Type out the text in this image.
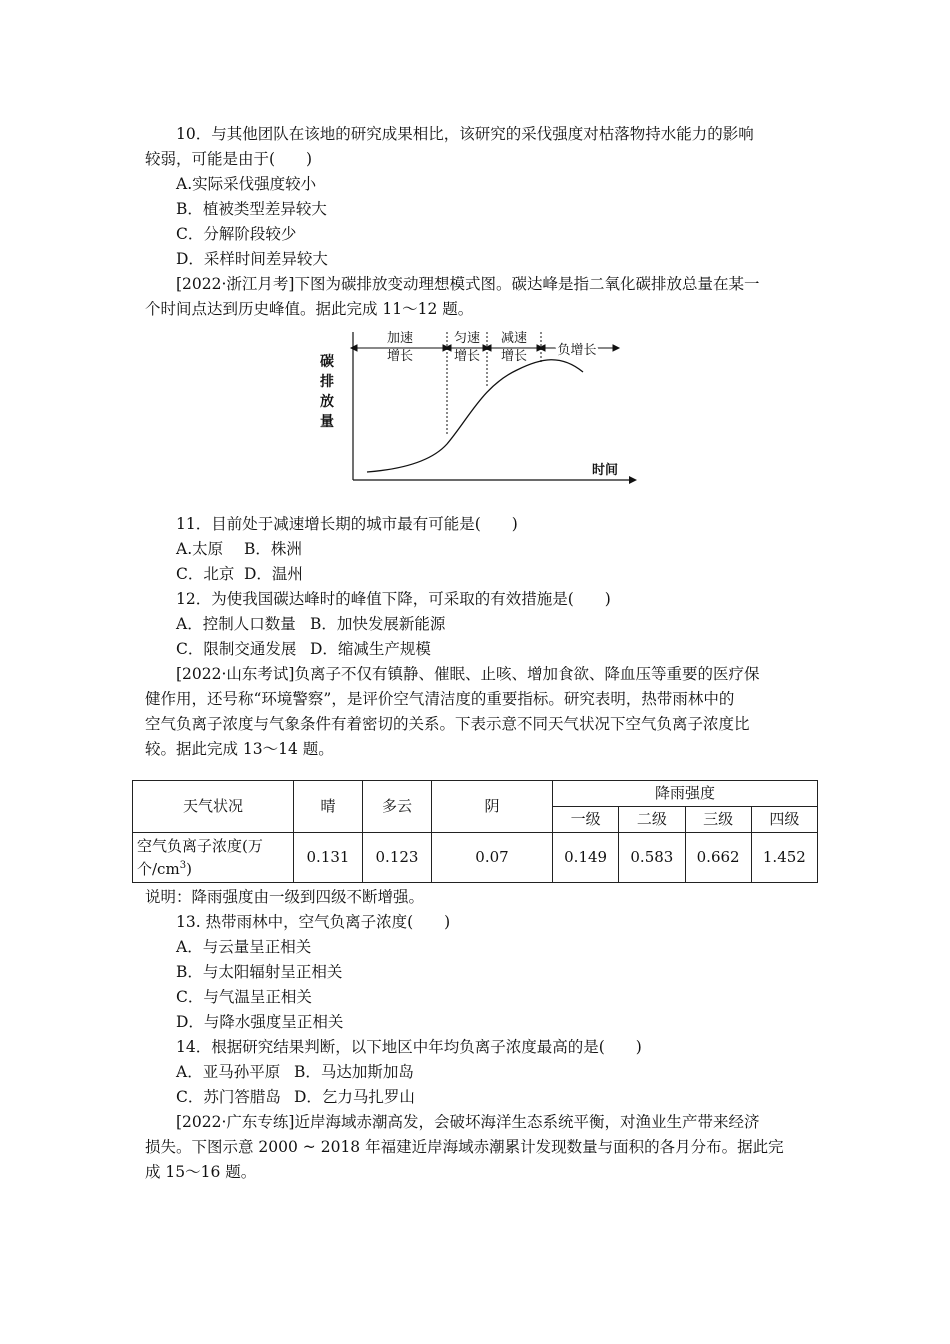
10．与其他团队在该地的研究成果相比，该研究的采伐强度对枯落物持水能力的影响

较弱，可能是由于(　　)

A.实际采伐强度较小

B．植被类型差异较大

C．分解阶段较少

D．采样时间差异较大

[2022·浙江月考]下图为碳排放变动理想模式图。碳达峰是指二氧化碳排放总量在某一

个时间点达到历史峰值。据此完成 11～12 题。

加速
增长
匀速
增长
减速
增长 负增长
碳排放量
时间

11．目前处于减速增长期的城市最有可能是(　　)

A.太原 B．株洲

C．北京 D．温州

12．为使我国碳达峰时的峰值下降，可采取的有效措施是(　　)

A．控制人口数量 B．加快发展新能源

C．限制交通发展 D．缩减生产规模

[2022·山东考试]负离子不仅有镇静、催眠、止咳、增加食欲、降血压等重要的医疗保

健作用，还号称“环境警察”，是评价空气清洁度的重要指标。研究表明，热带雨林中的

空气负离子浓度与气象条件有着密切的关系。下表示意不同天气状况下空气负离子浓度比

较。据此完成 13～14 题。

天气状况	晴	多云	阴	降雨强度			
				一级	二级	三级	四级
空气负离子浓度(万
个$/cm^3$)	0.131	0.123	0.07	0.149	0.583	0.662	1.452

说明：降雨强度由一级到四级不断增强。

13. 热带雨林中，空气负离子浓度(　　)

A．与云量呈正相关

B．与太阳辐射呈正相关

C．与气温呈正相关

D．与降水强度呈正相关

14．根据研究结果判断，以下地区中年均负离子浓度最高的是(　　)

A．亚马孙平原 B．马达加斯加岛

C．苏门答腊岛 D．乞力马扎罗山

[2022·广东专练]近岸海域赤潮高发，会破坏海洋生态系统平衡，对渔业生产带来经济

损失。下图示意 2000 ~ 2018 年福建近岸海域赤潮累计发现数量与面积的各月分布。据此完

成 15～16 题。
